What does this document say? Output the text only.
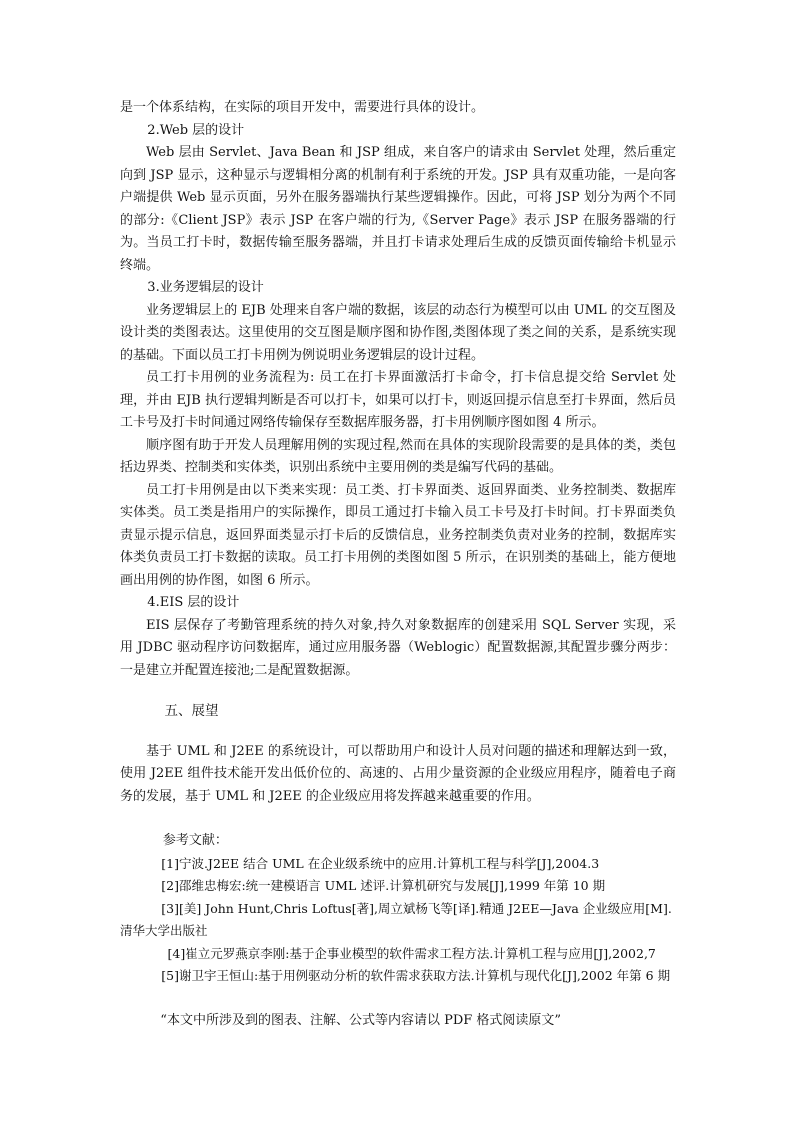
是一个体系结构，在实际的项目开发中，需要进行具体的设计。

2.Web 层的设计

Web 层由 Servlet、Java Bean 和 JSP 组成，来自客户的请求由 Servlet 处理，然后重定向到 JSP 显示，这种显示与逻辑相分离的机制有利于系统的开发。JSP 具有双重功能，一是向客户端提供 Web 显示页面，另外在服务器端执行某些逻辑操作。因此，可将 JSP 划分为两个不同的部分:《Client JSP》表示 JSP 在客户端的行为,《Server Page》表示 JSP 在服务器端的行为。当员工打卡时，数据传输至服务器端，并且打卡请求处理后生成的反馈页面传输给卡机显示终端。

3.业务逻辑层的设计

业务逻辑层上的 EJB 处理来自客户端的数据，该层的动态行为模型可以由 UML 的交互图及设计类的类图表达。这里使用的交互图是顺序图和协作图,类图体现了类之间的关系，是系统实现的基础。下面以员工打卡用例为例说明业务逻辑层的设计过程。

员工打卡用例的业务流程为: 员工在打卡界面激活打卡命令，打卡信息提交给 Servlet 处理，并由 EJB 执行逻辑判断是否可以打卡，如果可以打卡，则返回提示信息至打卡界面，然后员工卡号及打卡时间通过网络传输保存至数据库服务器，打卡用例顺序图如图 4 所示。

顺序图有助于开发人员理解用例的实现过程,然而在具体的实现阶段需要的是具体的类，类包括边界类、控制类和实体类，识别出系统中主要用例的类是编写代码的基础。

员工打卡用例是由以下类来实现：员工类、打卡界面类、返回界面类、业务控制类、数据库实体类。员工类是指用户的实际操作，即员工通过打卡输入员工卡号及打卡时间。打卡界面类负责显示提示信息，返回界面类显示打卡后的反馈信息，业务控制类负责对业务的控制，数据库实体类负责员工打卡数据的读取。员工打卡用例的类图如图 5 所示，在识别类的基础上，能方便地画出用例的协作图，如图 6 所示。

4.EIS 层的设计

EIS 层保存了考勤管理系统的持久对象,持久对象数据库的创建采用 SQL Server 实现，采用 JDBC 驱动程序访问数据库，通过应用服务器（Weblogic）配置数据源,其配置步骤分两步：一是建立并配置连接池;二是配置数据源。

五、展望

基于 UML 和 J2EE 的系统设计，可以帮助用户和设计人员对问题的描述和理解达到一致，使用 J2EE 组件技术能开发出低价位的、高速的、占用少量资源的企业级应用程序，随着电子商务的发展，基于 UML 和 J2EE 的企业级应用将发挥越来越重要的作用。

参考文献：

[1]宁波.J2EE 结合 UML 在企业级系统中的应用.计算机工程与科学[J],2004.3

[2]邵维忠梅宏:统一建模语言 UML 述评.计算机研究与发展[J],1999 年第 10 期

[3][美] John Hunt,Chris Loftus[著],周立斌杨飞等[译].精通 J2EE—Java 企业级应用[M].清华大学出版社

[4]崔立元罗燕京李刚:基于企事业模型的软件需求工程方法.计算机工程与应用[J],2002,7

[5]谢卫宇王恒山:基于用例驱动分析的软件需求获取方法.计算机与现代化[J],2002 年第 6 期

“本文中所涉及到的图表、注解、公式等内容请以 PDF 格式阅读原文”
